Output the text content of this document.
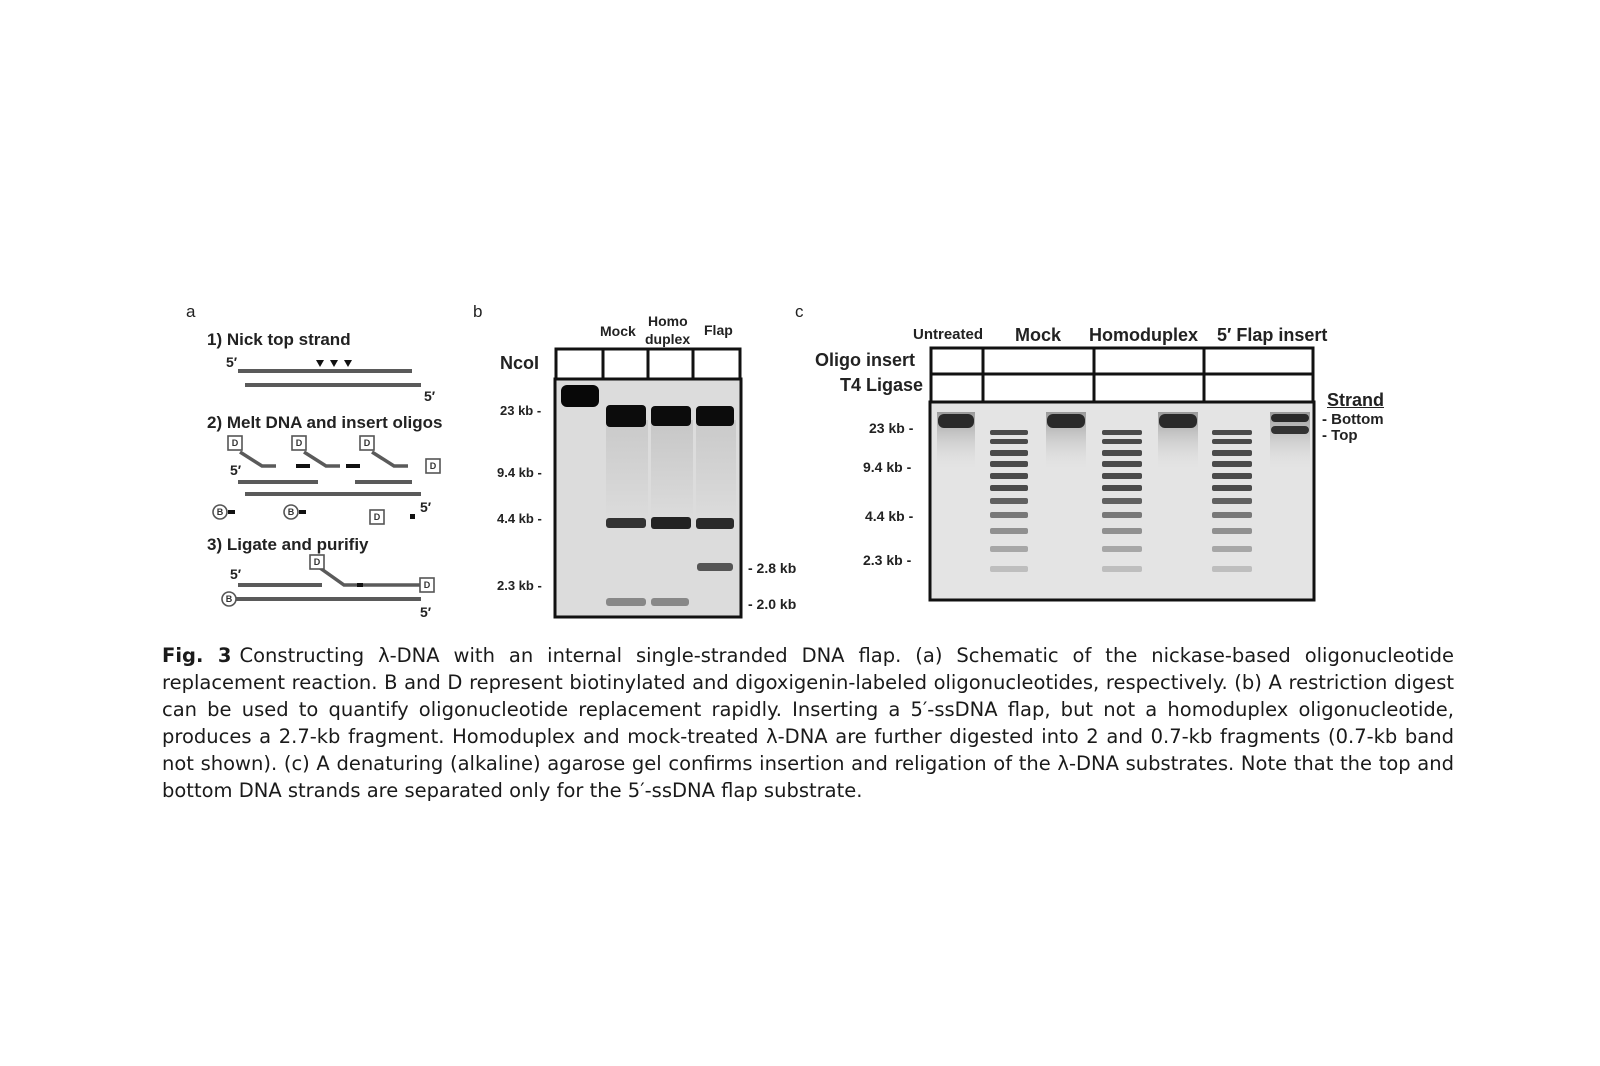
a
1) Nick top strand
2) Melt DNA and insert oligos
3) Ligate and purifiy
5′
5′
5′
5′
5′
5′
D	D	D
D
D
D
D
B	B
B
b
Mock
Homo
duplex
Flap
NcoI
23 kb -
9.4 kb -
4.4 kb -
2.3 kb -
- 2.8 kb
- 2.0 kb
c
Untreated Mock Homoduplex 5′ Flap insert
Oligo insert
T4 Ligase
23 kb -
9.4 kb -
4.4 kb -
2.3 kb -
Strand
- Bottom
- Top
Fig. 3 Constructing λ-DNA with an internal single-stranded DNA flap. (a) Schematic of the nickase-based oligonucleotide replacement reaction. B and D represent biotinylated and digoxigenin-labeled oligonucleotides, respectively. (b) A restriction digest can be used to quantify oligonucleotide replacement rapidly. Inserting a 5′-ssDNA flap, but not a homoduplex oligonucleotide, produces a 2.7-kb fragment. Homoduplex and mock-treated λ-DNA are further digested into 2 and 0.7-kb fragments (0.7-kb band not shown). (c) A denaturing (alkaline) agarose gel confirms insertion and religation of the λ-DNA substrates. Note that the top and bottom DNA strands are separated only for the 5′-ssDNA flap substrate.
